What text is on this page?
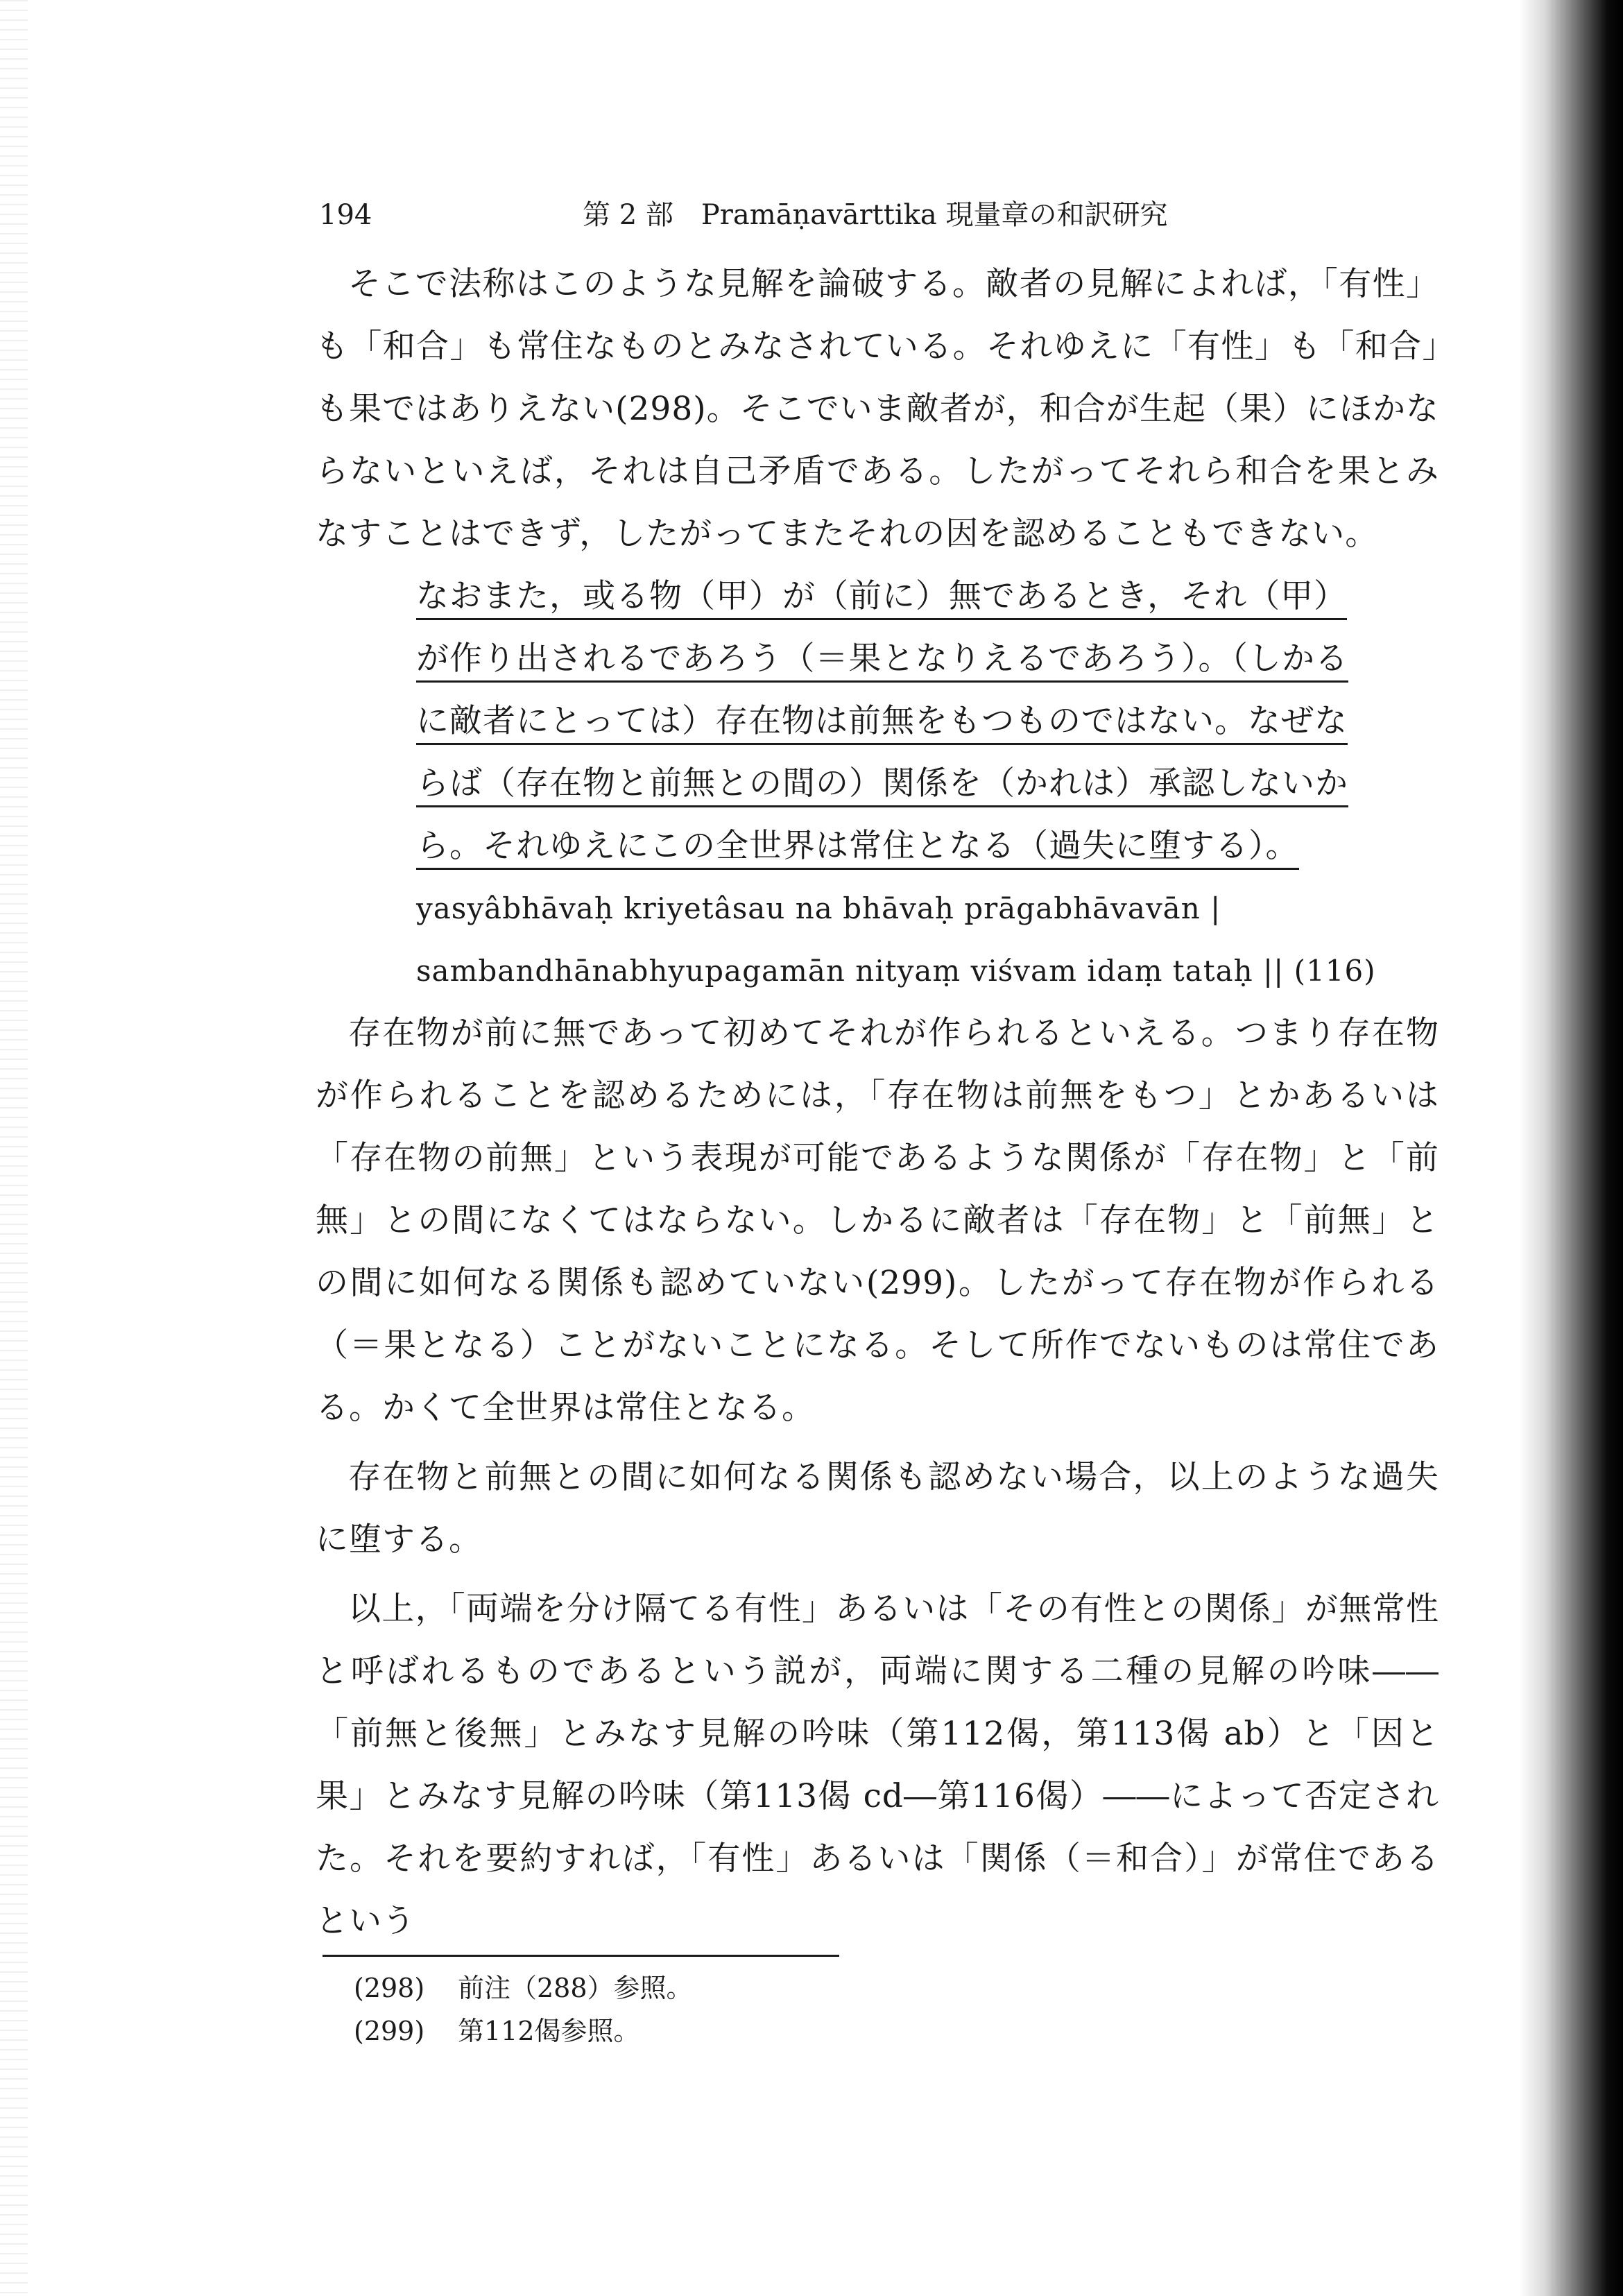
194	第 2 部　Pramāṇavārttika 現量章の和訳研究

そこで法称はこのような見解を論破する。敵者の見解によれば，「有性」も「和合」も常住なものとみなされている。それゆえに「有性」も「和合」も果ではありえない(298)。そこでいま敵者が，和合が生起（果）にほかならないといえば，それは自己矛盾である。したがってそれら和合を果とみなすことはできず，したがってまたそれの因を認めることもできない。

なおまた，或る物（甲）が（前に）無であるとき，それ（甲）
が作り出されるであろう（＝果となりえるであろう）。（しかる
に敵者にとっては）存在物は前無をもつものではない。なぜな
らば（存在物と前無との間の）関係を（かれは）承認しないか
ら。それゆえにこの全世界は常住となる（過失に堕する）。
yasyâbhāvaḥ kriyetâsau na bhāvaḥ prāgabhāvavān |
sambandhānabhyupagamān nityaṃ viśvam idaṃ tataḥ || (116)

存在物が前に無であって初めてそれが作られるといえる。つまり存在物が作られることを認めるためには，「存在物は前無をもつ」とかあるいは「存在物の前無」という表現が可能であるような関係が「存在物」と「前無」との間になくてはならない。しかるに敵者は「存在物」と「前無」との間に如何なる関係も認めていない(299)。したがって存在物が作られる（＝果となる）ことがないことになる。そして所作でないものは常住である。かくて全世界は常住となる。

存在物と前無との間に如何なる関係も認めない場合，以上のような過失に堕する。

以上，「両端を分け隔てる有性」あるいは「その有性との関係」が無常性と呼ばれるものであるという説が，両端に関する二種の見解の吟味――「前無と後無」とみなす見解の吟味（第112偈，第113偈 ab）と「因と果」とみなす見解の吟味（第113偈 cd―第116偈）――によって否定された。それを要約すれば，「有性」あるいは「関係（＝和合）」が常住であるという

(298) 前注（288）参照。
(299) 第112偈参照。
